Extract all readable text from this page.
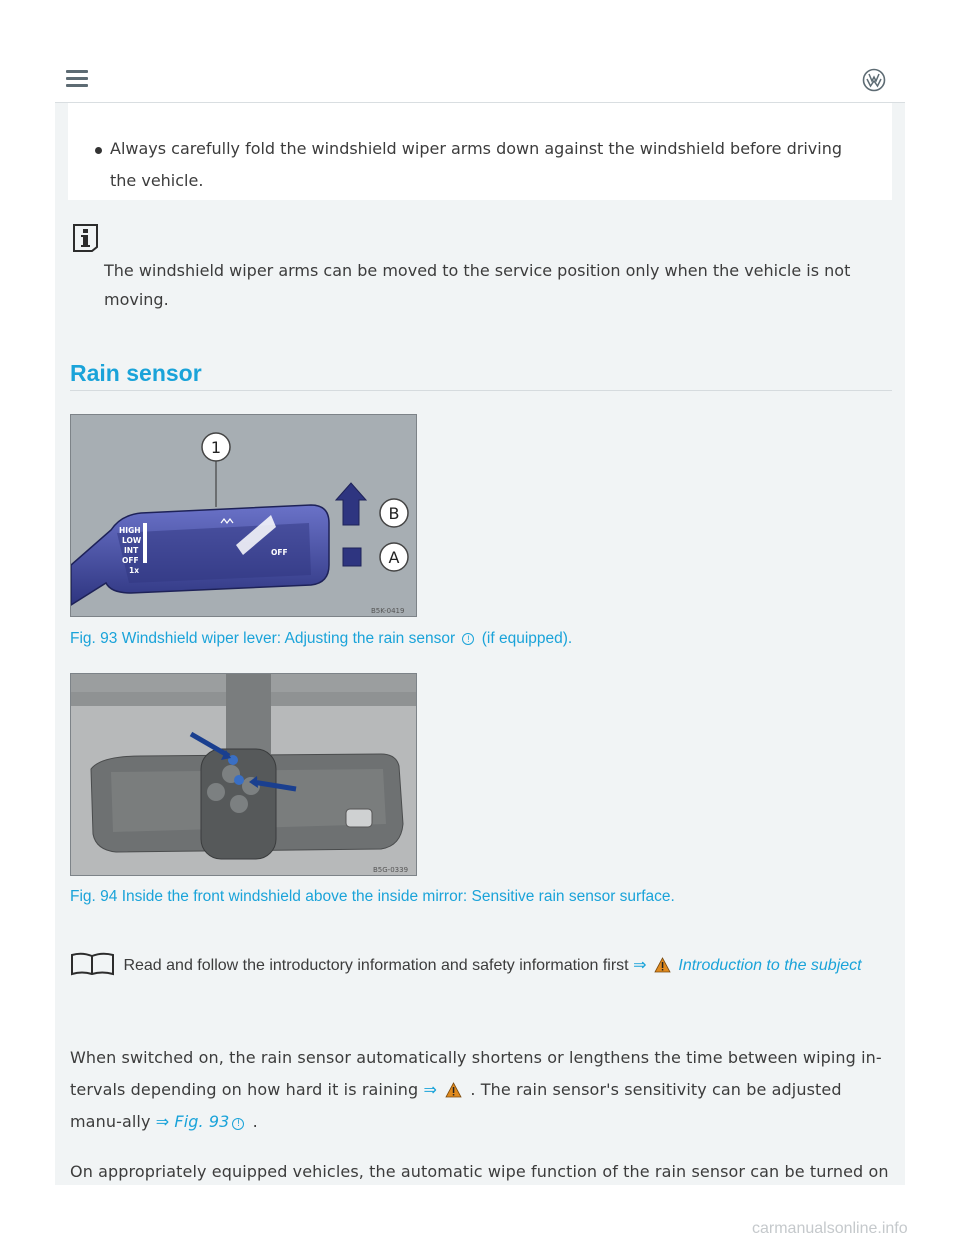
Always carefully fold the windshield wiper arms down against the windshield before driving the vehicle.
The windshield wiper arms can be moved to the service position only when the vehicle is not moving.
Rain sensor
1
HIGH
LOW
INT
OFF
1x
OFF
B
A
B5K-0419
Fig. 93 Windshield wiper lever: Adjusting the rain sensor ! (if equipped).
B5G-0339
Fig. 94 Inside the front windshield above the inside mirror: Sensitive rain sensor surface.
Read and follow the introductory information and safety information first ⇒ Introduction to the subject
When switched on, the rain sensor automatically shortens or lengthens the time between wiping in-tervals depending on how hard it is raining ⇒ . The rain sensor's sensitivity can be adjusted manu-ally ⇒ Fig. 93 ! .
On appropriately equipped vehicles, the automatic wipe function of the rain sensor can be turned on
carmanualsonline.info
